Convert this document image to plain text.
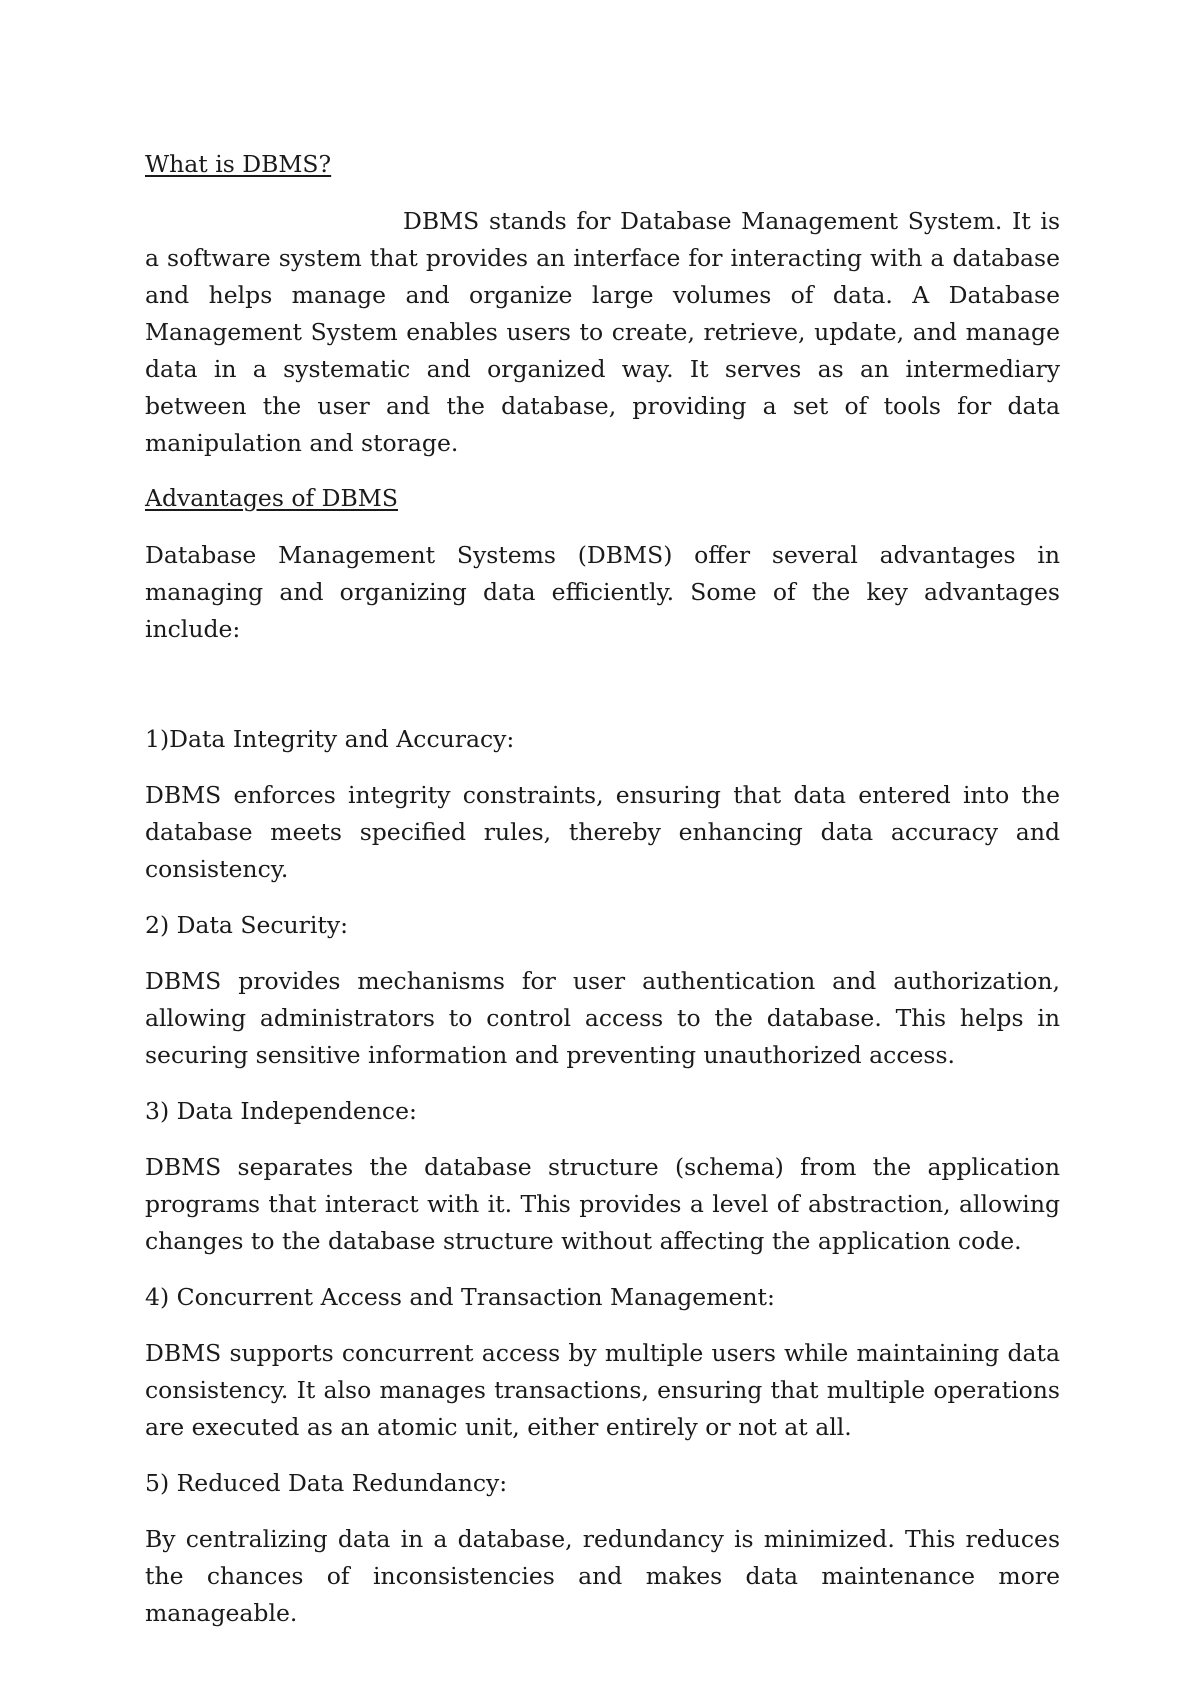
What is DBMS?

DBMS stands for Database Management System. It is a software system that provides an interface for interacting with a database and helps manage and organize large volumes of data. A Database Management System enables users to create, retrieve, update, and manage data in a systematic and organized way. It serves as an intermediary between the user and the database, providing a set of tools for data manipulation and storage.

Advantages of DBMS

Database Management Systems (DBMS) offer several advantages in managing and organizing data efficiently. Some of the key advantages include:

1)Data Integrity and Accuracy:

DBMS enforces integrity constraints, ensuring that data entered into the database meets specified rules, thereby enhancing data accuracy and consistency.

2) Data Security:

DBMS provides mechanisms for user authentication and authorization, allowing administrators to control access to the database. This helps in securing sensitive information and preventing unauthorized access.

3) Data Independence:

DBMS separates the database structure (schema) from the application programs that interact with it. This provides a level of abstraction, allowing changes to the database structure without affecting the application code.

4) Concurrent Access and Transaction Management:

DBMS supports concurrent access by multiple users while maintaining data consistency. It also manages transactions, ensuring that multiple operations are executed as an atomic unit, either entirely or not at all.

5) Reduced Data Redundancy:

By centralizing data in a database, redundancy is minimized. This reduces the chances of inconsistencies and makes data maintenance more manageable.
